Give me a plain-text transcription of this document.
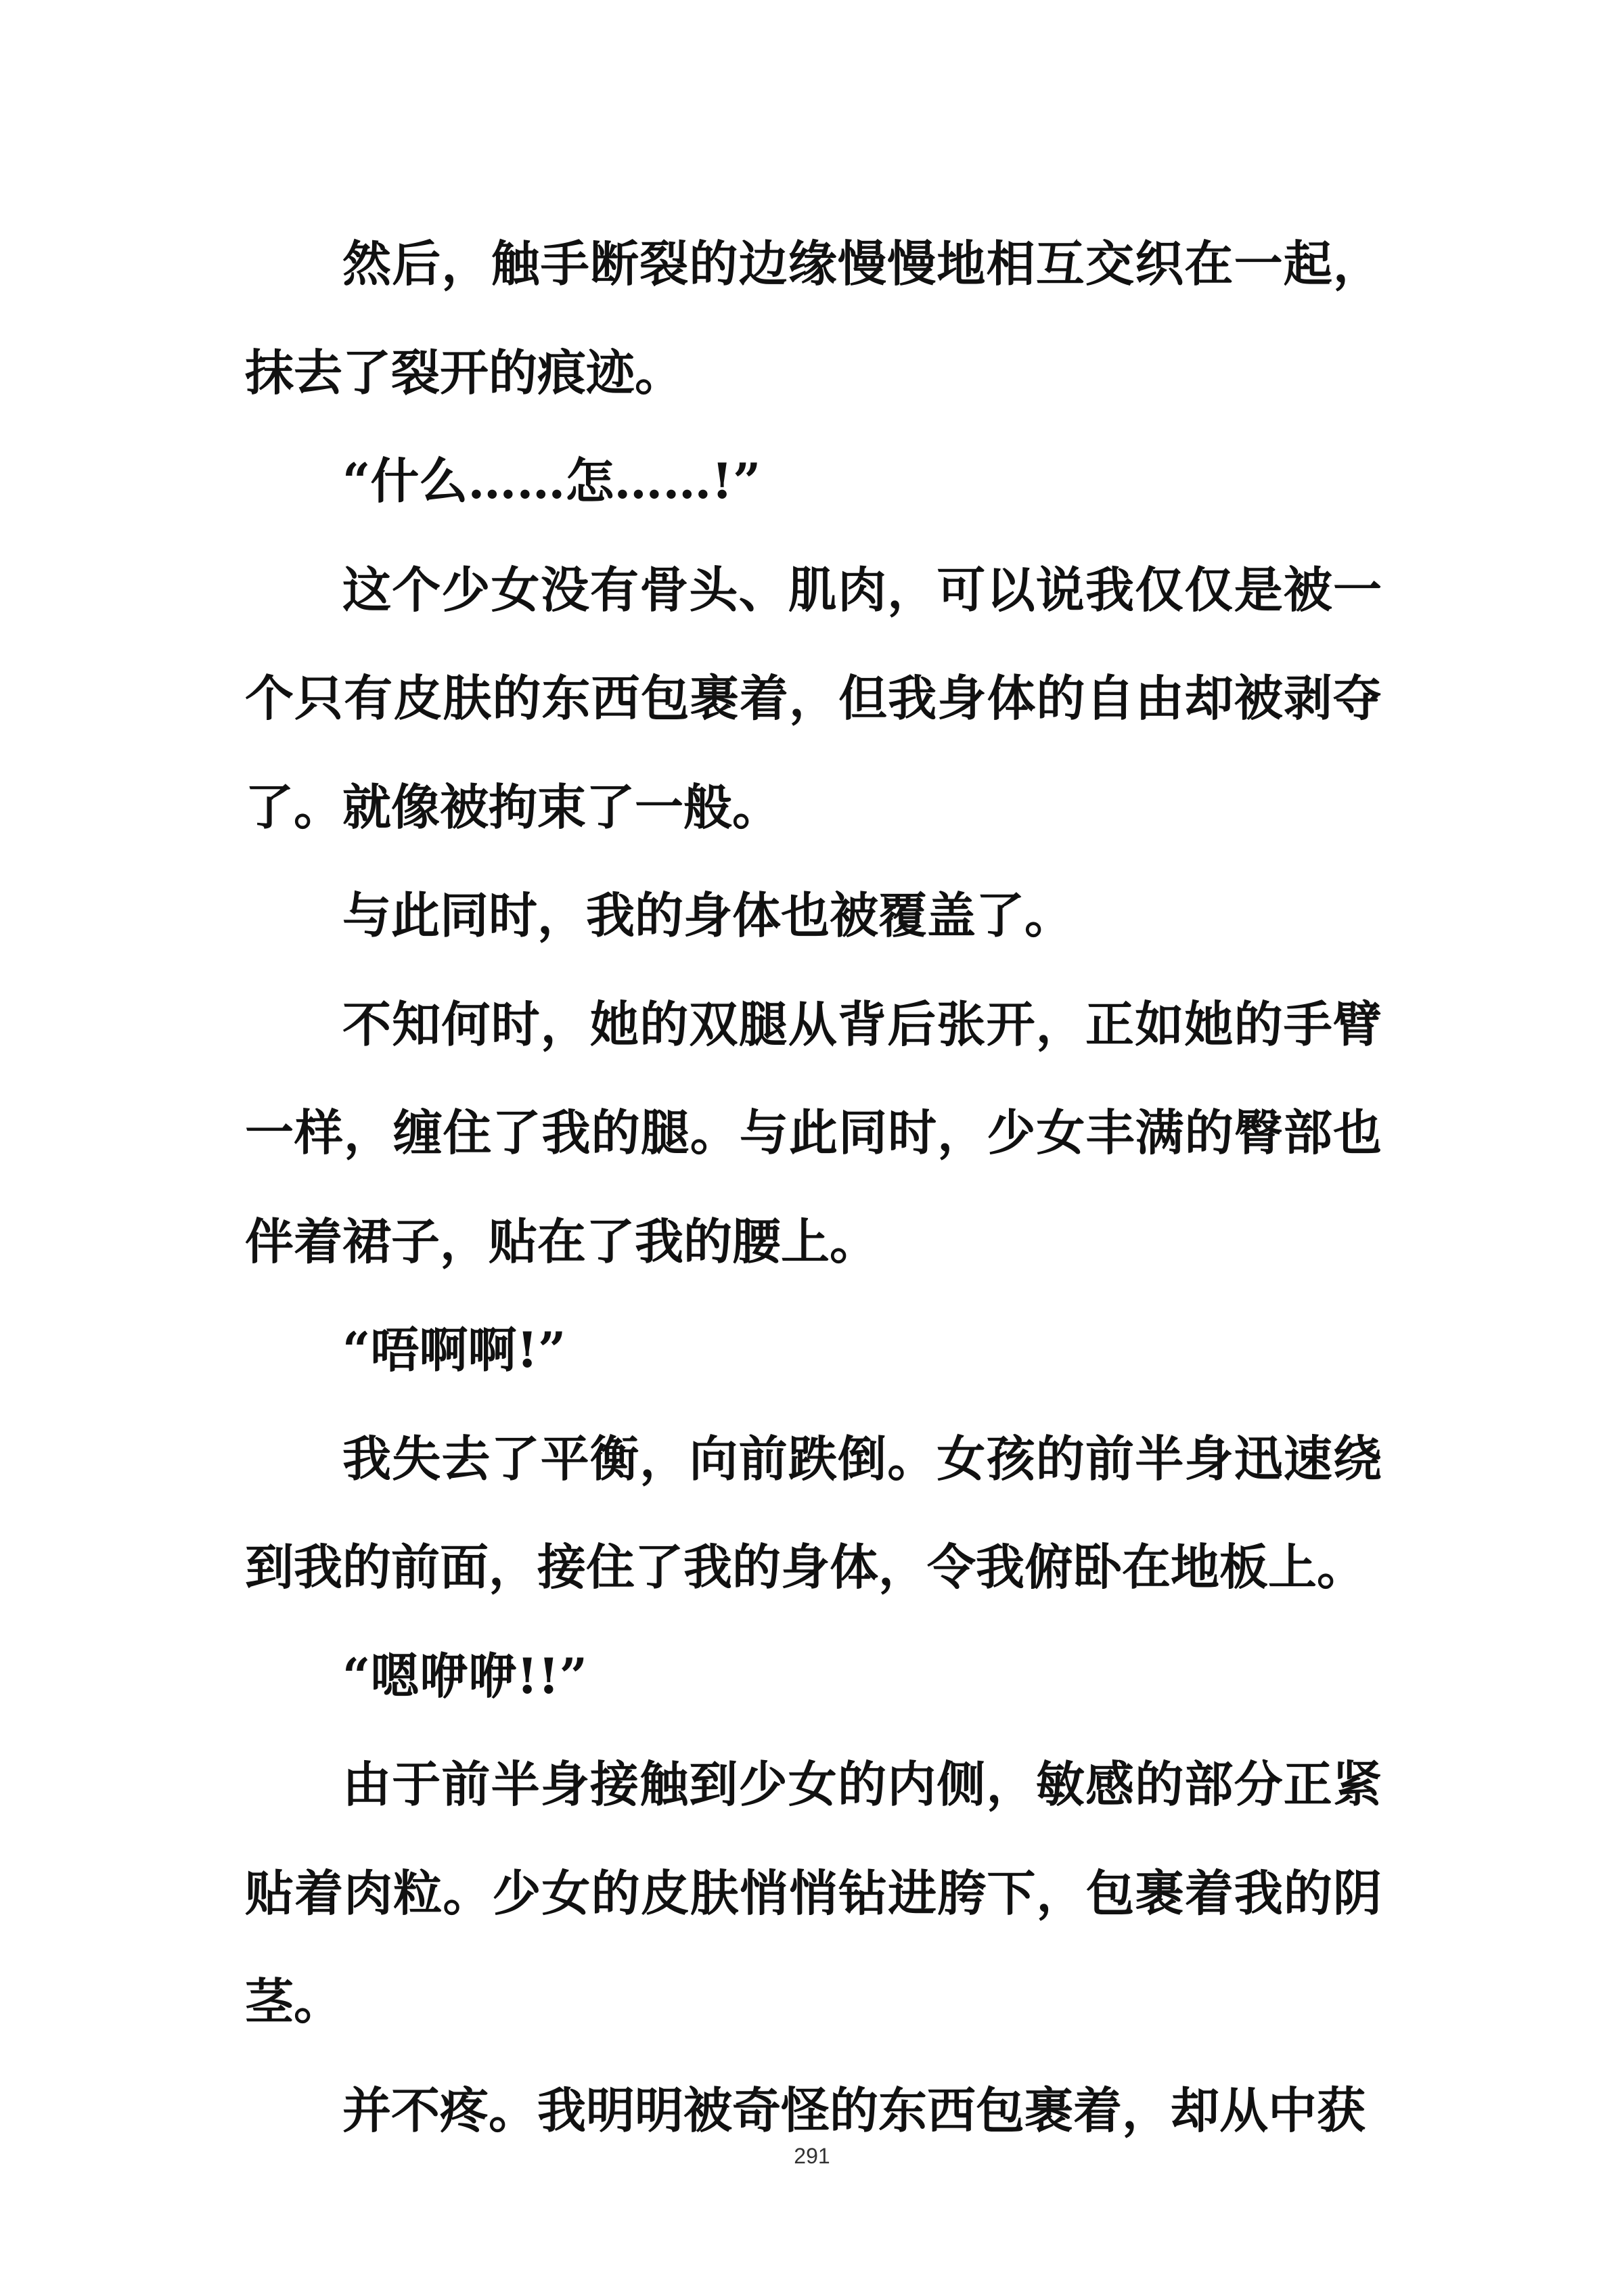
然后，触手断裂的边缘慢慢地相互交织在一起，抹去了裂开的痕迹。

“什么……怎……!”

这个少女没有骨头、肌肉，可以说我仅仅是被一个只有皮肤的东西包裹着，但我身体的自由却被剥夺了。就像被拘束了一般。

与此同时，我的身体也被覆盖了。

不知何时，她的双腿从背后张开，正如她的手臂一样，缠住了我的腿。与此同时，少女丰满的臀部也伴着裙子，贴在了我的腰上。

“唔啊啊!”

我失去了平衡，向前跌倒。女孩的前半身迅速绕到我的前面，接住了我的身体，令我俯卧在地板上。

“嗯咿咿!!”

由于前半身接触到少女的内侧，敏感的部分正紧贴着肉粒。少女的皮肤悄悄钻进胯下，包裹着我的阴茎。

并不疼。我明明被奇怪的东西包裹着，却从中获

291
